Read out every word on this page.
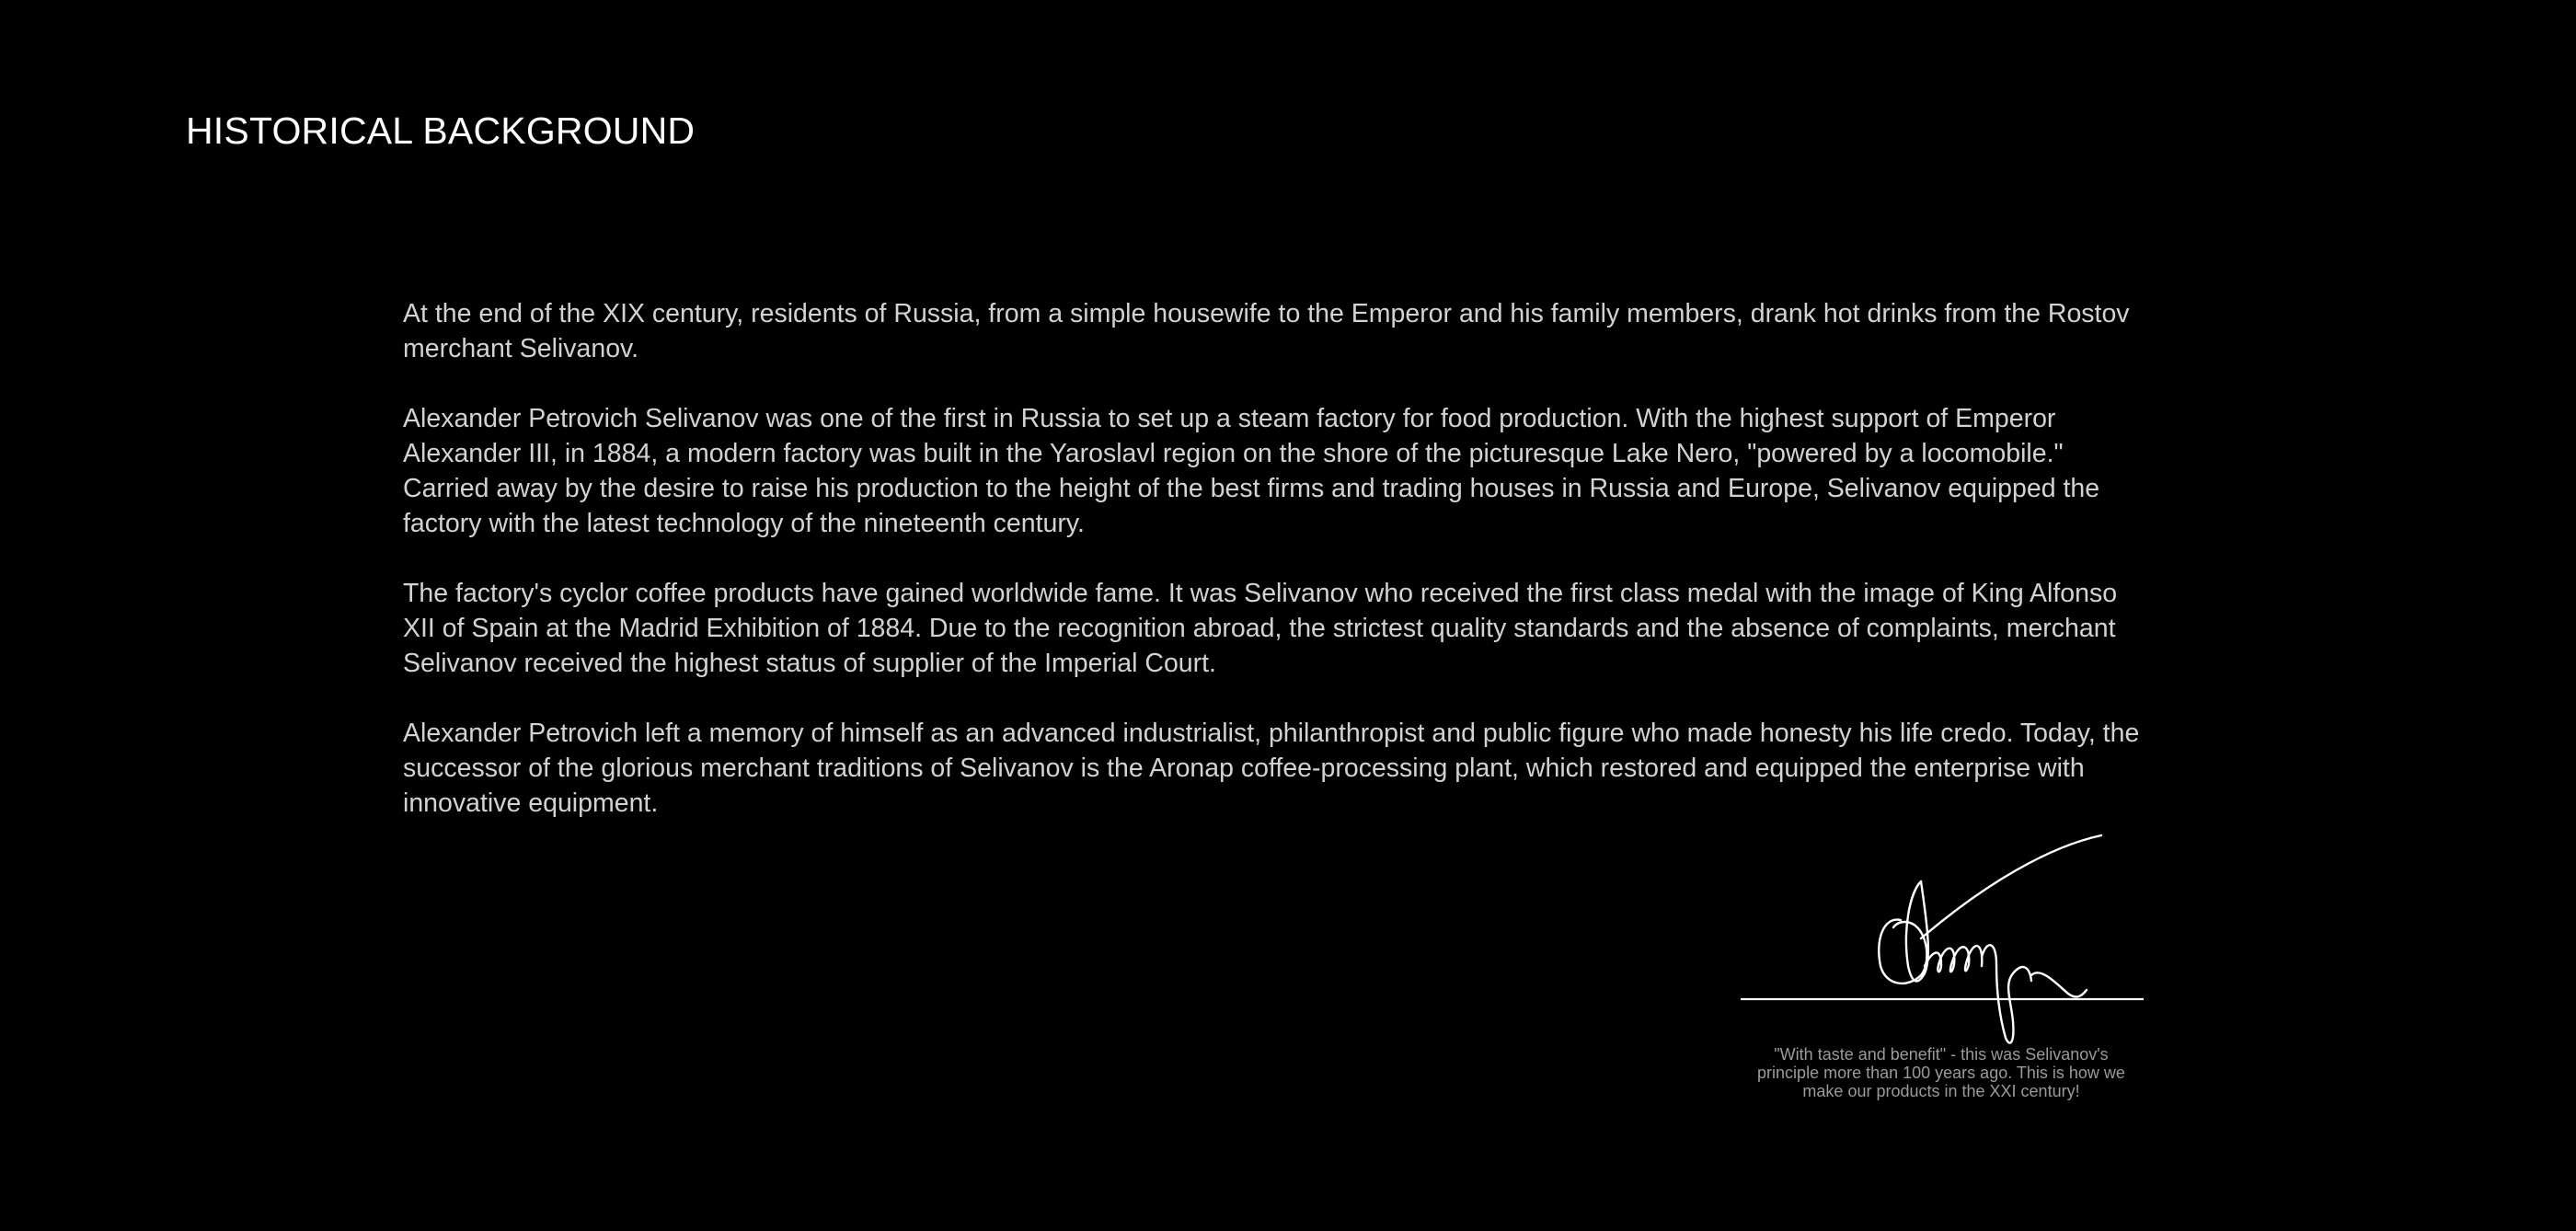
HISTORICAL BACKGROUND

At the end of the XIX century, residents of Russia, from a simple housewife to the Emperor and his family members, drank hot drinks from the Rostov merchant Selivanov.

Alexander Petrovich Selivanov was one of the first in Russia to set up a steam factory for food production. With the highest support of Emperor Alexander III, in 1884, a modern factory was built in the Yaroslavl region on the shore of the picturesque Lake Nero, "powered by a locomobile." Carried away by the desire to raise his production to the height of the best firms and trading houses in Russia and Europe, Selivanov equipped the factory with the latest technology of the nineteenth century.

The factory's cyclor coffee products have gained worldwide fame. It was Selivanov who received the first class medal with the image of King Alfonso XII of Spain at the Madrid Exhibition of 1884. Due to the recognition abroad, the strictest quality standards and the absence of complaints, merchant Selivanov received the highest status of supplier of the Imperial Court.

Alexander Petrovich left a memory of himself as an advanced industrialist, philanthropist and public figure who made honesty his life credo. Today, the successor of the glorious merchant traditions of Selivanov is the Aronap coffee-processing plant, which restored and equipped the enterprise with innovative equipment.

"With taste and benefit" - this was Selivanov's principle more than 100 years ago. This is how we make our products in the XXI century!
